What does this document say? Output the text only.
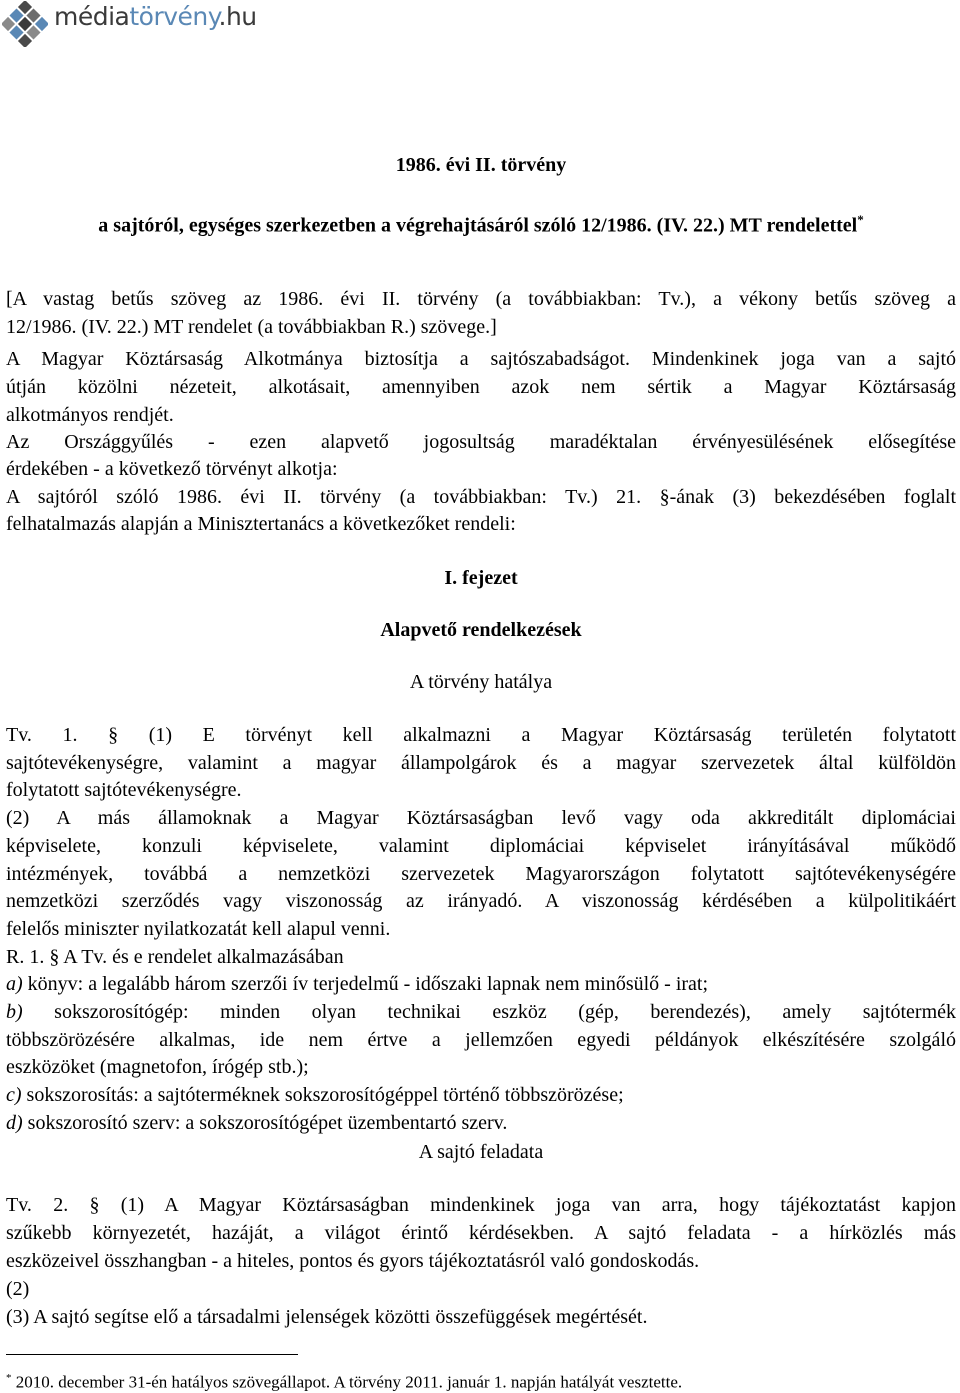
médiatörvény.hu
1986. évi II. törvény
a sajtóról, egységes szerkezetben a végrehajtásáról szóló 12/1986. (IV. 22.) MT rendelettel*
[A vastag betűs szöveg az 1986. évi II. törvény (a továbbiakban: Tv.), a vékony betűs szöveg a
12/1986. (IV. 22.) MT rendelet (a továbbiakban R.) szövege.]
A Magyar Köztársaság Alkotmánya biztosítja a sajtószabadságot. Mindenkinek joga van a sajtó
útján közölni nézeteit, alkotásait, amennyiben azok nem sértik a Magyar Köztársaság
alkotmányos rendjét.
Az Országgyűlés - ezen alapvető jogosultság maradéktalan érvényesülésének elősegítése
érdekében - a következő törvényt alkotja:
A sajtóról szóló 1986. évi II. törvény (a továbbiakban: Tv.) 21. §-ának (3) bekezdésében foglalt
felhatalmazás alapján a Minisztertanács a következőket rendeli:
I. fejezet
Alapvető rendelkezések
A törvény hatálya
Tv. 1. § (1) E törvényt kell alkalmazni a Magyar Köztársaság területén folytatott
sajtótevékenységre, valamint a magyar állampolgárok és a magyar szervezetek által külföldön
folytatott sajtótevékenységre.
(2) A más államoknak a Magyar Köztársaságban levő vagy oda akkreditált diplomáciai
képviselete, konzuli képviselete, valamint diplomáciai képviselet irányításával működő
intézmények, továbbá a nemzetközi szervezetek Magyarországon folytatott sajtótevékenységére
nemzetközi szerződés vagy viszonosság az irányadó. A viszonosság kérdésében a külpolitikáért
felelős miniszter nyilatkozatát kell alapul venni.
R. 1. § A Tv. és e rendelet alkalmazásában
a) könyv: a legalább három szerzői ív terjedelmű - időszaki lapnak nem minősülő - irat;
b) sokszorosítógép: minden olyan technikai eszköz (gép, berendezés), amely sajtótermék
többszörözésére alkalmas, ide nem értve a jellemzően egyedi példányok elkészítésére szolgáló
eszközöket (magnetofon, írógép stb.);
c) sokszorosítás: a sajtóterméknek sokszorosítógéppel történő többszörözése;
d) sokszorosító szerv: a sokszorosítógépet üzembentartó szerv.
A sajtó feladata
Tv. 2. § (1) A Magyar Köztársaságban mindenkinek joga van arra, hogy tájékoztatást kapjon
szűkebb környezetét, hazáját, a világot érintő kérdésekben. A sajtó feladata - a hírközlés más
eszközeivel összhangban - a hiteles, pontos és gyors tájékoztatásról való gondoskodás.
(2)
(3) A sajtó segítse elő a társadalmi jelenségek közötti összefüggések megértését.
* 2010. december 31-én hatályos szövegállapot. A törvény 2011. január 1. napján hatályát vesztette.
